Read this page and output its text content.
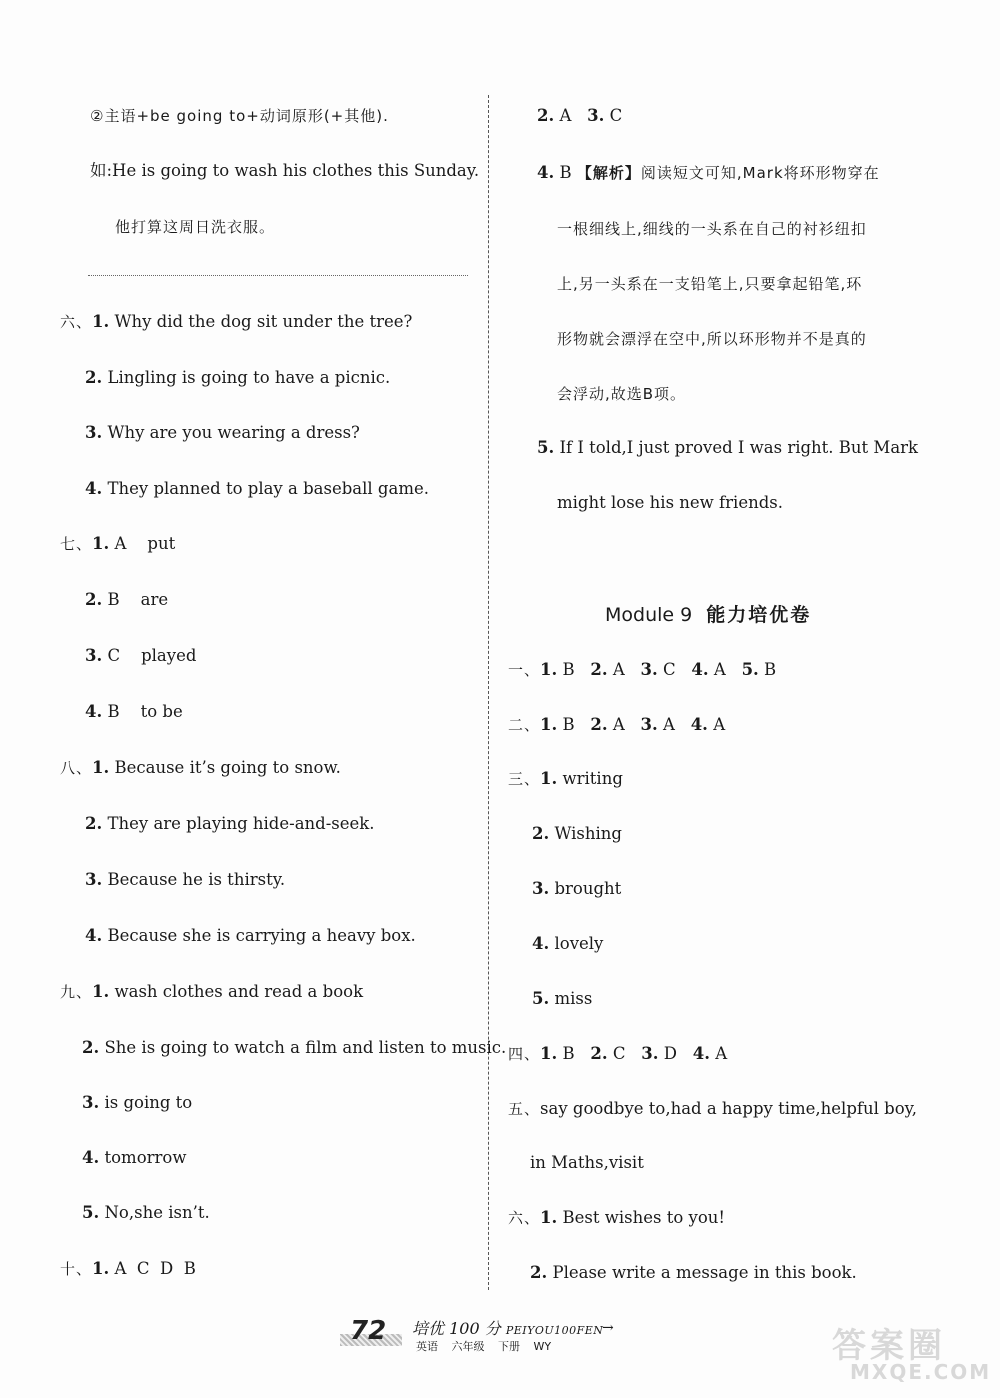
②主语+be going to+动词原形(+其他).
如:He is going to wash his clothes this Sunday.
他打算这周日洗衣服。
六、1. Why did the dog sit under the tree?
2. Lingling is going to have a picnic.
3. Why are you wearing a dress?
4. They planned to play a baseball game.
七、1. A put
2. B are
3. C played
4. B to be
八、1. Because it’s going to snow.
2. They are playing hide-and-seek.
3. Because he is thirsty.
4. Because she is carrying a heavy box.
九、1. wash clothes and read a book
2. She is going to watch a film and listen to music.
3. is going to
4. tomorrow
5. No,she isn’t.
十、1. A  C  D  B
2. A 3. C
4. B 【解析】阅读短文可知,Mark将环形物穿在
一根细线上,细线的一头系在自己的衬衫纽扣
上,另一头系在一支铅笔上,只要拿起铅笔,环
形物就会漂浮在空中,所以环形物并不是真的
会浮动,故选B项。
5. If I told,I just proved I was right. But Mark
might lose his new friends.
Module 9 能力培优卷
一、1. B 2. A 3. C 4. A 5. B
二、1. B 2. A 3. A 4. A
三、1. writing
2. Wishing
3. brought
4. lovely
5. miss
四、1. B 2. C 3. D 4. A
五、say goodbye to,had a happy time,helpful boy,
in Maths,visit
六、1. Best wishes to you!
2. Please write a message in this book.
72 培优 100 分 PEIYOU100FEN
英语 六年级 下册 WY
→	答案圈
MXQE.COM
